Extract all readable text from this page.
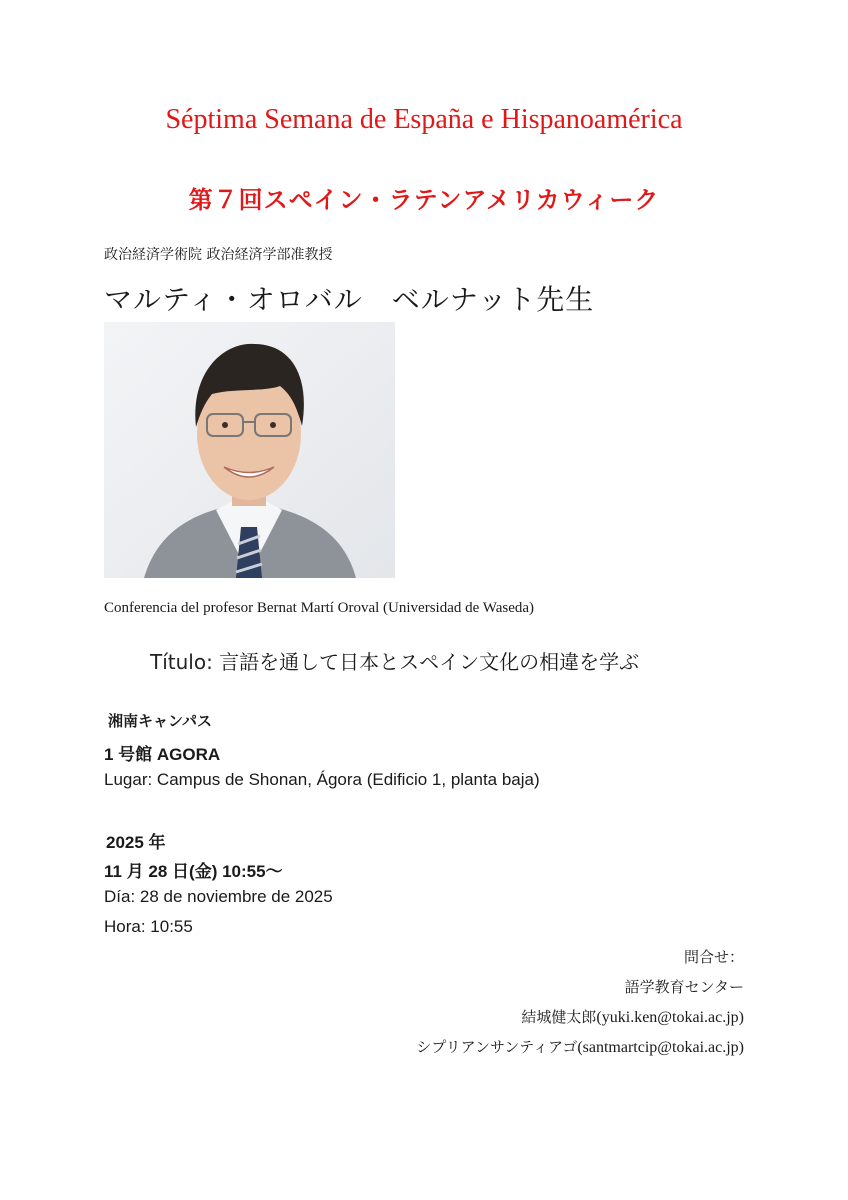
Séptima Semana de España e Hispanoamérica
第７回スペイン・ラテンアメリカウィーク
政治経済学術院 政治経済学部准教授
マルティ・オロバル　ベルナット先生
Conferencia del profesor Bernat Martí Oroval (Universidad de Waseda)
Título: 言語を通して日本とスペイン文化の相違を学ぶ
湘南キャンパス
1 号館 AGORA
Lugar: Campus de Shonan, Ágora (Edificio 1, planta baja)
2025 年
11 月 28 日(金) 10:55～
Día: 28 de noviembre de 2025
Hora: 10:55
問合せ：
語学教育センター
結城健太郎(yuki.ken@tokai.ac.jp)
シプリアンサンティアゴ(santmartcip@tokai.ac.jp)
